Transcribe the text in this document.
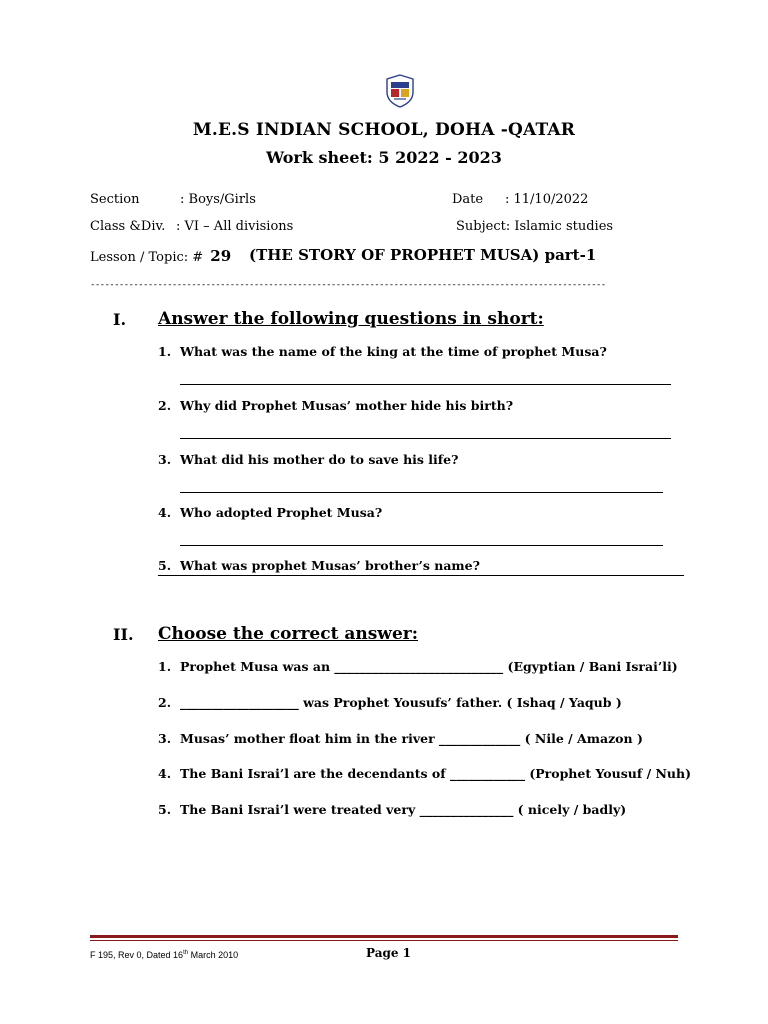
M.E.S INDIAN SCHOOL, DOHA -QATAR
Work sheet: 5 2022 - 2023
Section	: Boys/Girls	Date : 11/10/2022
Class &Div. : VI – All divisions	Subject: Islamic studies
Lesson / Topic: # 29 (THE STORY OF PROPHET MUSA) part-1
-----------------------------------------------------------------------------------------------------------
I. Answer the following questions in short:
1. What was the name of the king at the time of prophet Musa?
2. Why did Prophet Musas’ mother hide his birth?
3. What did his mother do to save his life?
4. Who adopted Prophet Musa?
5. What was prophet Musas’ brother’s name?
II. Choose the correct answer:
1. Prophet Musa was an ___________________________ (Egyptian / Bani Israi’li)
2. ___________________ was Prophet Yousufs’ father. ( Ishaq / Yaqub )
3. Musas’ mother float him in the river _____________ ( Nile / Amazon )
4. The Bani Israi’l are the decendants of ____________ (Prophet Yousuf / Nuh)
5. The Bani Israi’l were treated very _______________ ( nicely / badly)
F 195, Rev 0, Dated 16th March 2010	Page 1
